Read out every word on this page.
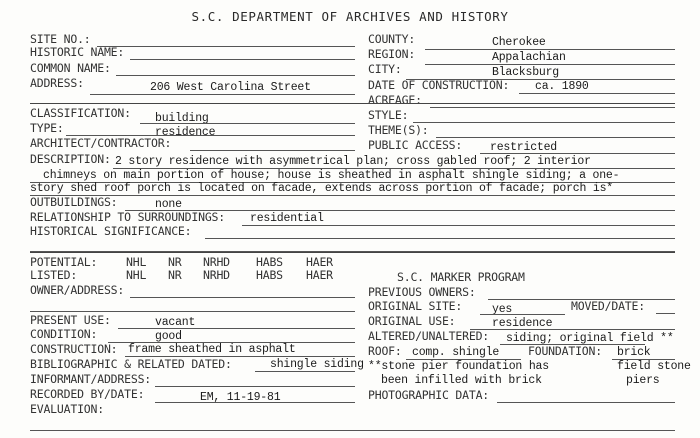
S.C. DEPARTMENT OF ARCHIVES AND HISTORY
SITE NO.:	COUNTY:	Cherokee
HISTORIC NAME:	REGION:	Appalachian
COMMON NAME:	CITY:	Blacksburg
ADDRESS:	206 West Carolina Street	DATE OF CONSTRUCTION: ca. 1890
ACREAGE:
CLASSIFICATION: building	STYLE:
TYPE:	residence	THEME(S):
ARCHITECT/CONTRACTOR:	PUBLIC ACCESS: restricted
DESCRIPTION: 2 story residence with asymmetrical plan; cross gabled roof; 2 interior
chimneys on main portion of house; house is sheathed in asphalt shingle siding; a one-
story shed roof porch is located on facade, extends across portion of facade; porch is*
OUTBUILDINGS:	none
RELATIONSHIP TO SURROUNDINGS: residential
HISTORICAL SIGNIFICANCE:
POTENTIAL:	NHL NR NRHD HABS HAER
LISTED:	NHL NR NRHD HABS HAER	S.C. MARKER PROGRAM
OWNER/ADDRESS:	PREVIOUS OWNERS:
ORIGINAL SITE:	yes	MOVED/DATE:
PRESENT USE:	vacant	ORIGINAL USE:	residence
CONDITION:	good	ALTERED/UNALTERED: siding; original field **
CONSTRUCTION: frame sheathed in asphalt	ROOF: comp. shingle	FOUNDATION: brick
BIBLIOGRAPHIC & RELATED DATED:	shingle siding **stone pier foundation has	field stone
been infilled with brick	piers
INFORMANT/ADDRESS:
RECORDED BY/DATE:	EM, 11-19-81	PHOTOGRAPHIC DATA:
EVALUATION:
